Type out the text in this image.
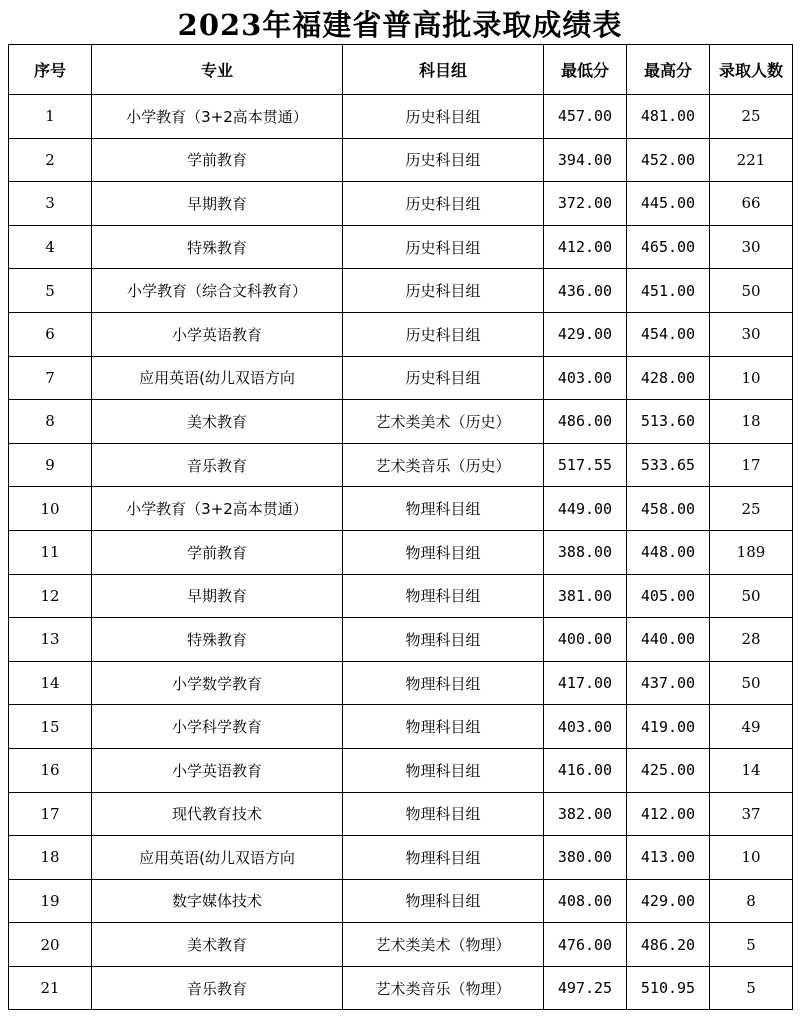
2023年福建省普高批录取成绩表
序号	专业	科目组	最低分	最高分	录取人数
1	小学教育（3+2高本贯通）	历史科目组	457.00	481.00	25
2	学前教育	历史科目组	394.00	452.00	221
3	早期教育	历史科目组	372.00	445.00	66
4	特殊教育	历史科目组	412.00	465.00	30
5	小学教育（综合文科教育）	历史科目组	436.00	451.00	50
6	小学英语教育	历史科目组	429.00	454.00	30
7	应用英语(幼儿双语方向	历史科目组	403.00	428.00	10
8	美术教育	艺术类美术（历史）	486.00	513.60	18
9	音乐教育	艺术类音乐（历史）	517.55	533.65	17
10	小学教育（3+2高本贯通）	物理科目组	449.00	458.00	25
11	学前教育	物理科目组	388.00	448.00	189
12	早期教育	物理科目组	381.00	405.00	50
13	特殊教育	物理科目组	400.00	440.00	28
14	小学数学教育	物理科目组	417.00	437.00	50
15	小学科学教育	物理科目组	403.00	419.00	49
16	小学英语教育	物理科目组	416.00	425.00	14
17	现代教育技术	物理科目组	382.00	412.00	37
18	应用英语(幼儿双语方向	物理科目组	380.00	413.00	10
19	数字媒体技术	物理科目组	408.00	429.00	8
20	美术教育	艺术类美术（物理）	476.00	486.20	5
21	音乐教育	艺术类音乐（物理）	497.25	510.95	5
